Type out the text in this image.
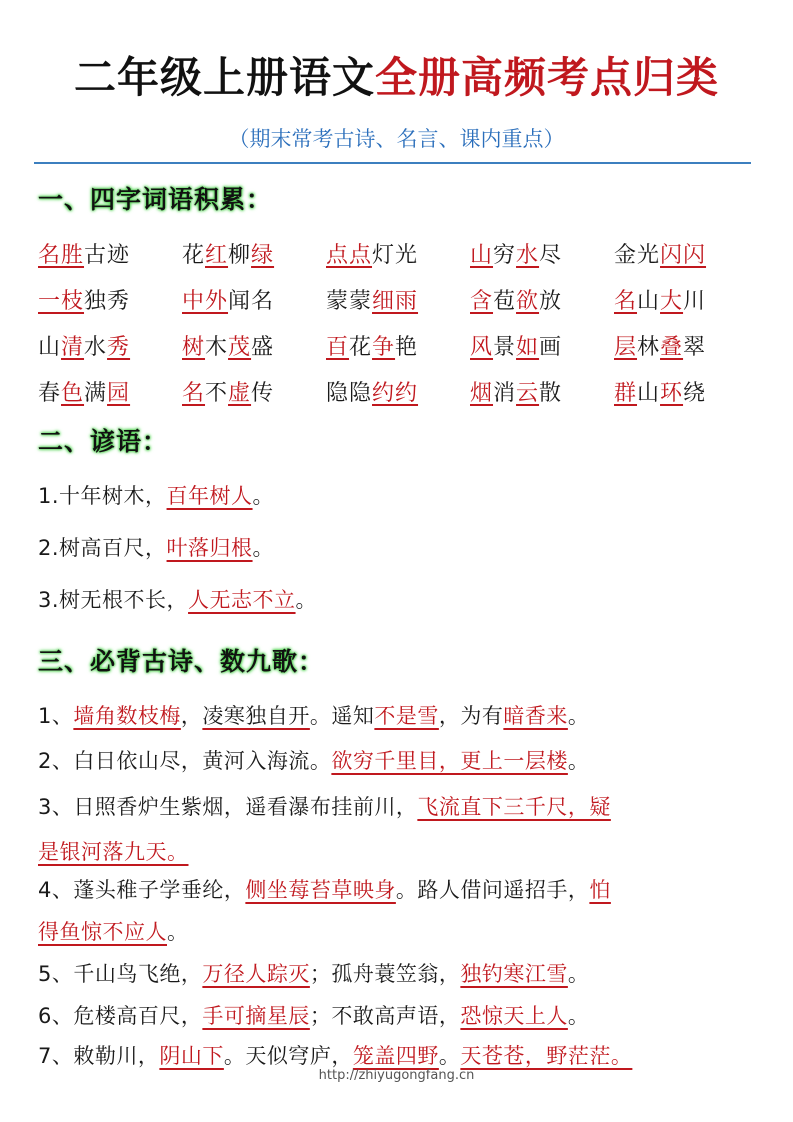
二年级上册语文全册高频考点归类
（期末常考古诗、名言、课内重点）
一、四字词语积累：
名胜古迹	花红柳绿	点点灯光	山穷水尽	金光闪闪
一枝独秀	中外闻名	蒙蒙细雨	含苞欲放	名山大川
山清水秀	树木茂盛	百花争艳	风景如画	层林叠翠
春色满园	名不虚传	隐隐约约	烟消云散	群山环绕
二、谚语：
1.十年树木，百年树人。
2.树高百尺，叶落归根。
3.树无根不长，人无志不立。
三、必背古诗、数九歌：
1、墙角数枝梅，凌寒独自开。遥知不是雪，为有暗香来。
2、白日依山尽，黄河入海流。欲穷千里目，更上一层楼。
3、日照香炉生紫烟，遥看瀑布挂前川，飞流直下三千尺，疑
是银河落九天。
4、蓬头稚子学垂纶，侧坐莓苔草映身。路人借问遥招手，怕
得鱼惊不应人。
5、千山鸟飞绝，万径人踪灭；孤舟蓑笠翁，独钓寒江雪。
6、危楼高百尺，手可摘星辰；不敢高声语，恐惊天上人。
7、敕勒川，阴山下。天似穹庐，笼盖四野。天苍苍，野茫茫。
http://zhiyugongfang.cn
